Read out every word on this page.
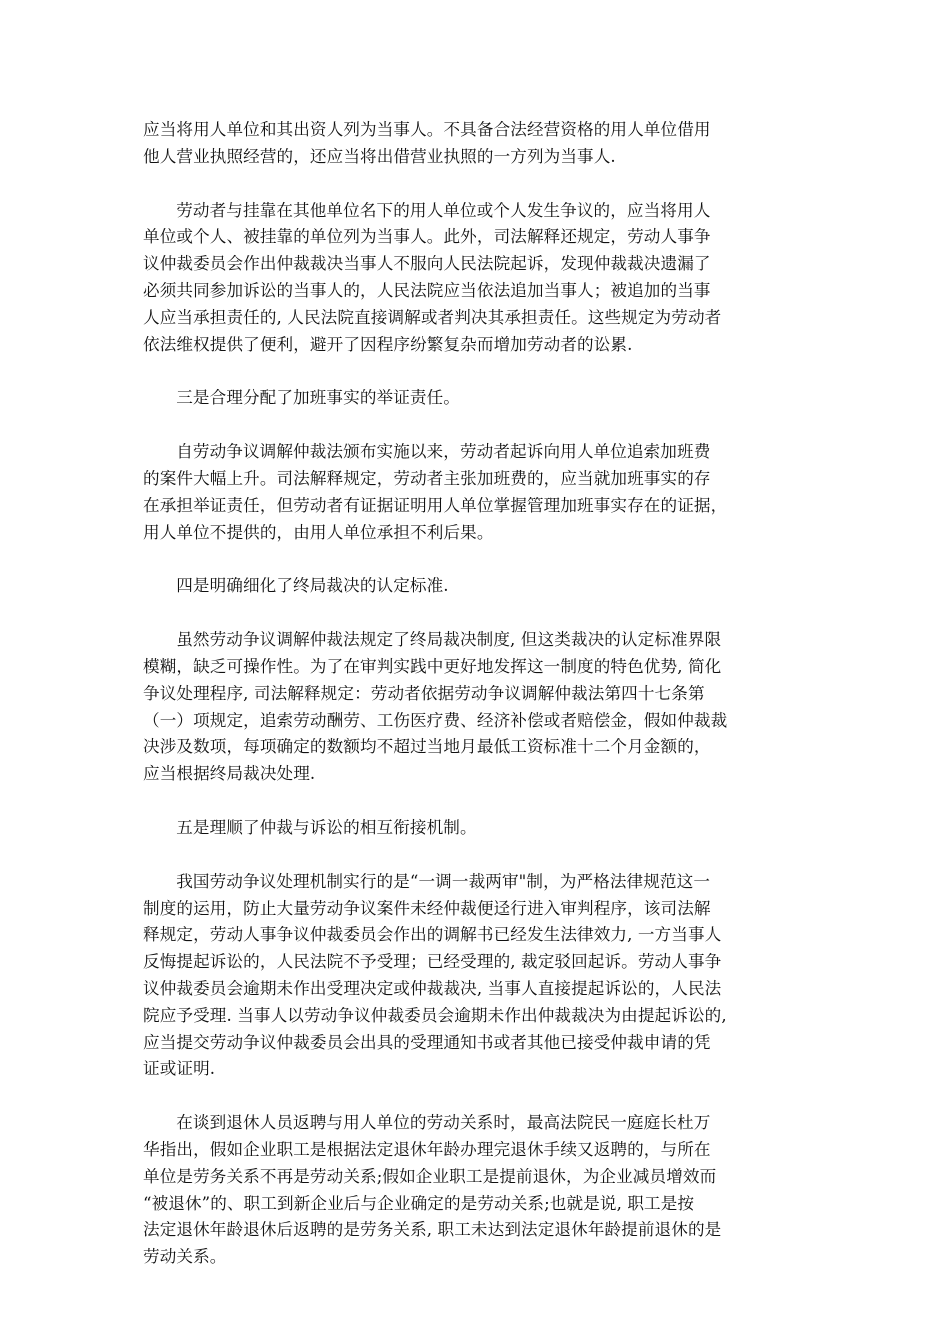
应当将用人单位和其出资人列为当事人。不具备合法经营资格的用人单位借用
他人营业执照经营的，还应当将出借营业执照的一方列为当事人.

劳动者与挂靠在其他单位名下的用人单位或个人发生争议的，应当将用人
单位或个人、被挂靠的单位列为当事人。此外，司法解释还规定，劳动人事争
议仲裁委员会作出仲裁裁决当事人不服向人民法院起诉，发现仲裁裁决遗漏了
必须共同参加诉讼的当事人的，人民法院应当依法追加当事人；被追加的当事
人应当承担责任的, 人民法院直接调解或者判决其承担责任。这些规定为劳动者
依法维权提供了便利，避开了因程序纷繁复杂而增加劳动者的讼累.

三是合理分配了加班事实的举证责任。

自劳动争议调解仲裁法颁布实施以来，劳动者起诉向用人单位追索加班费
的案件大幅上升。司法解释规定，劳动者主张加班费的，应当就加班事实的存
在承担举证责任，但劳动者有证据证明用人单位掌握管理加班事实存在的证据，
用人单位不提供的，由用人单位承担不利后果。

四是明确细化了终局裁决的认定标准.

虽然劳动争议调解仲裁法规定了终局裁决制度, 但这类裁决的认定标准界限
模糊，缺乏可操作性。为了在审判实践中更好地发挥这一制度的特色优势, 简化
争议处理程序, 司法解释规定：劳动者依据劳动争议调解仲裁法第四十七条第
（一）项规定，追索劳动酬劳、工伤医疗费、经济补偿或者赔偿金，假如仲裁裁
决涉及数项，每项确定的数额均不超过当地月最低工资标准十二个月金额的，
应当根据终局裁决处理.

五是理顺了仲裁与诉讼的相互衔接机制。

我国劳动争议处理机制实行的是“一调一裁两审"制，为严格法律规范这一
制度的运用，防止大量劳动争议案件未经仲裁便迳行进入审判程序，该司法解
释规定，劳动人事争议仲裁委员会作出的调解书已经发生法律效力, 一方当事人
反悔提起诉讼的，人民法院不予受理；已经受理的, 裁定驳回起诉。劳动人事争
议仲裁委员会逾期未作出受理决定或仲裁裁决, 当事人直接提起诉讼的，人民法
院应予受理. 当事人以劳动争议仲裁委员会逾期未作出仲裁裁决为由提起诉讼的,
应当提交劳动争议仲裁委员会出具的受理通知书或者其他已接受仲裁申请的凭
证或证明.

在谈到退休人员返聘与用人单位的劳动关系时，最高法院民一庭庭长杜万
华指出，假如企业职工是根据法定退休年龄办理完退休手续又返聘的，与所在
单位是劳务关系不再是劳动关系;假如企业职工是提前退休，为企业减员增效而
“被退休”的、职工到新企业后与企业确定的是劳动关系;也就是说, 职工是按
法定退休年龄退休后返聘的是劳务关系, 职工未达到法定退休年龄提前退休的是
劳动关系。
